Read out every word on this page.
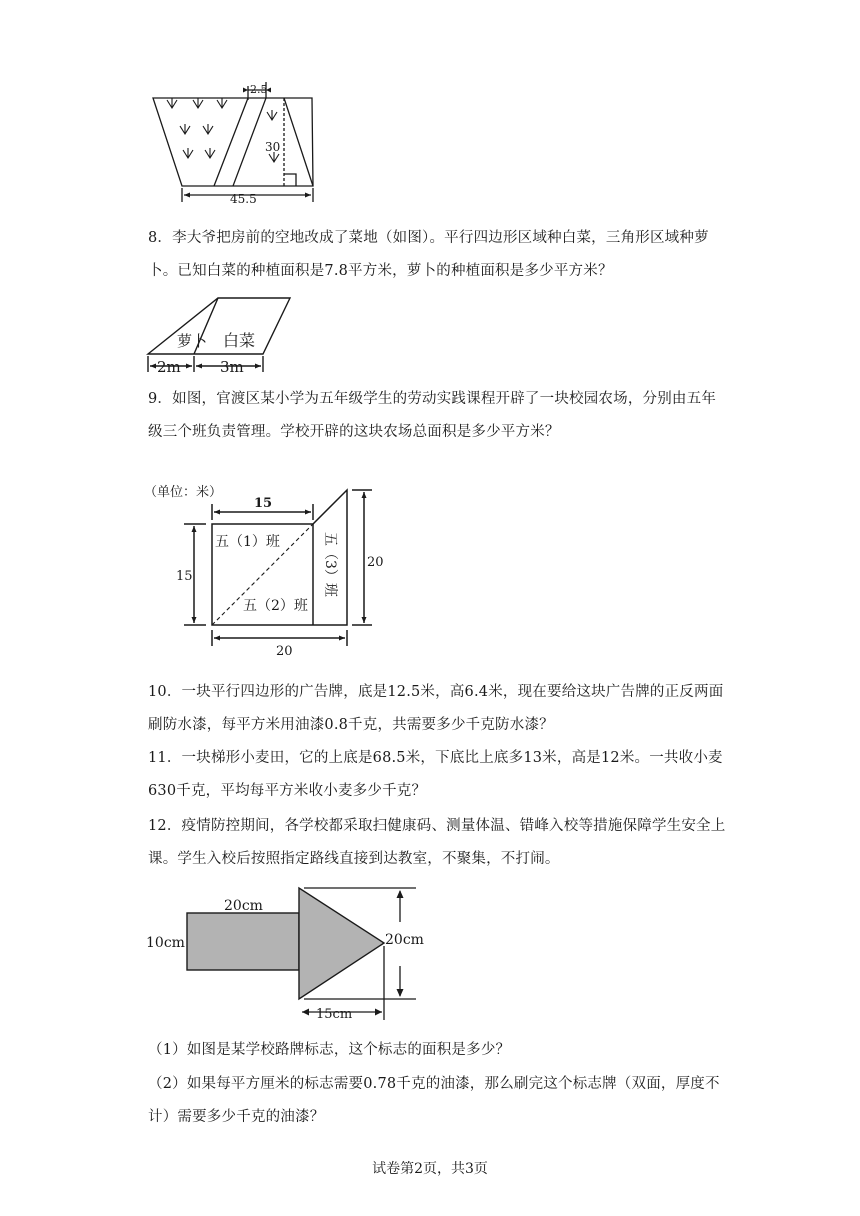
2.5
30
45.5
8．李大爷把房前的空地改成了菜地（如图）。平行四边形区域种白菜，三角形区域种萝卜。已知白菜的种植面积是7.8平方米，萝卜的种植面积是多少平方米？
萝卜 白菜
2m	3m
9．如图，官渡区某小学为五年级学生的劳动实践课程开辟了一块校园农场，分别由五年级三个班负责管理。学校开辟的这块农场总面积是多少平方米？
（单位：米）
15
15
20
20
五（1）班
五（2）班
五（3）班
10．一块平行四边形的广告牌，底是12.5米，高6.4米，现在要给这块广告牌的正反两面刷防水漆，每平方米用油漆0.8千克，共需要多少千克防水漆？
11．一块梯形小麦田，它的上底是68.5米，下底比上底多13米，高是12米。一共收小麦630千克，平均每平方米收小麦多少千克？
12．疫情防控期间，各学校都采取扫健康码、测量体温、错峰入校等措施保障学生安全上课。学生入校后按照指定路线直接到达教室，不聚集，不打闹。
20cm
10cm	20cm
15cm
（1）如图是某学校路牌标志，这个标志的面积是多少？
（2）如果每平方厘米的标志需要0.78千克的油漆，那么刷完这个标志牌（双面，厚度不计）需要多少千克的油漆？
试卷第2页，共3页
